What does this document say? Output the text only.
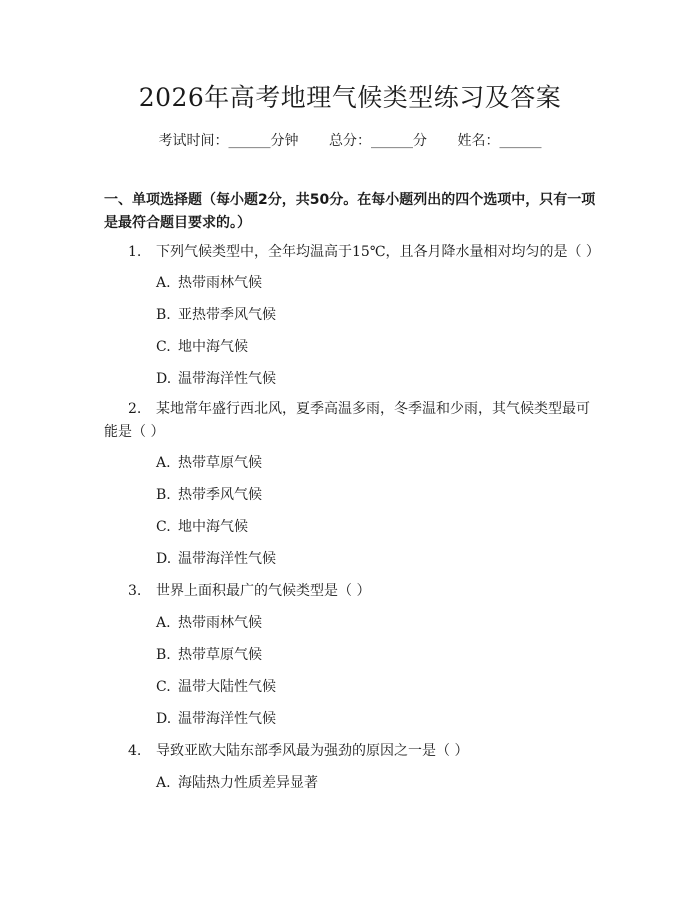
2026年高考地理气候类型练习及答案
考试时间：______分钟 总分：______分 姓名：______
一、单项选择题（每小题2分，共50分。在每小题列出的四个选项中，只有一项是最符合题目要求的。）
1. 下列气候类型中，全年均温高于15℃，且各月降水量相对均匀的是（ ）
A. 热带雨林气候
B. 亚热带季风气候
C. 地中海气候
D. 温带海洋性气候
2. 某地常年盛行西北风，夏季高温多雨，冬季温和少雨，其气候类型最可能是（ ）
A. 热带草原气候
B. 热带季风气候
C. 地中海气候
D. 温带海洋性气候
3. 世界上面积最广的气候类型是（ ）
A. 热带雨林气候
B. 热带草原气候
C. 温带大陆性气候
D. 温带海洋性气候
4. 导致亚欧大陆东部季风最为强劲的原因之一是（ ）
A. 海陆热力性质差异显著
